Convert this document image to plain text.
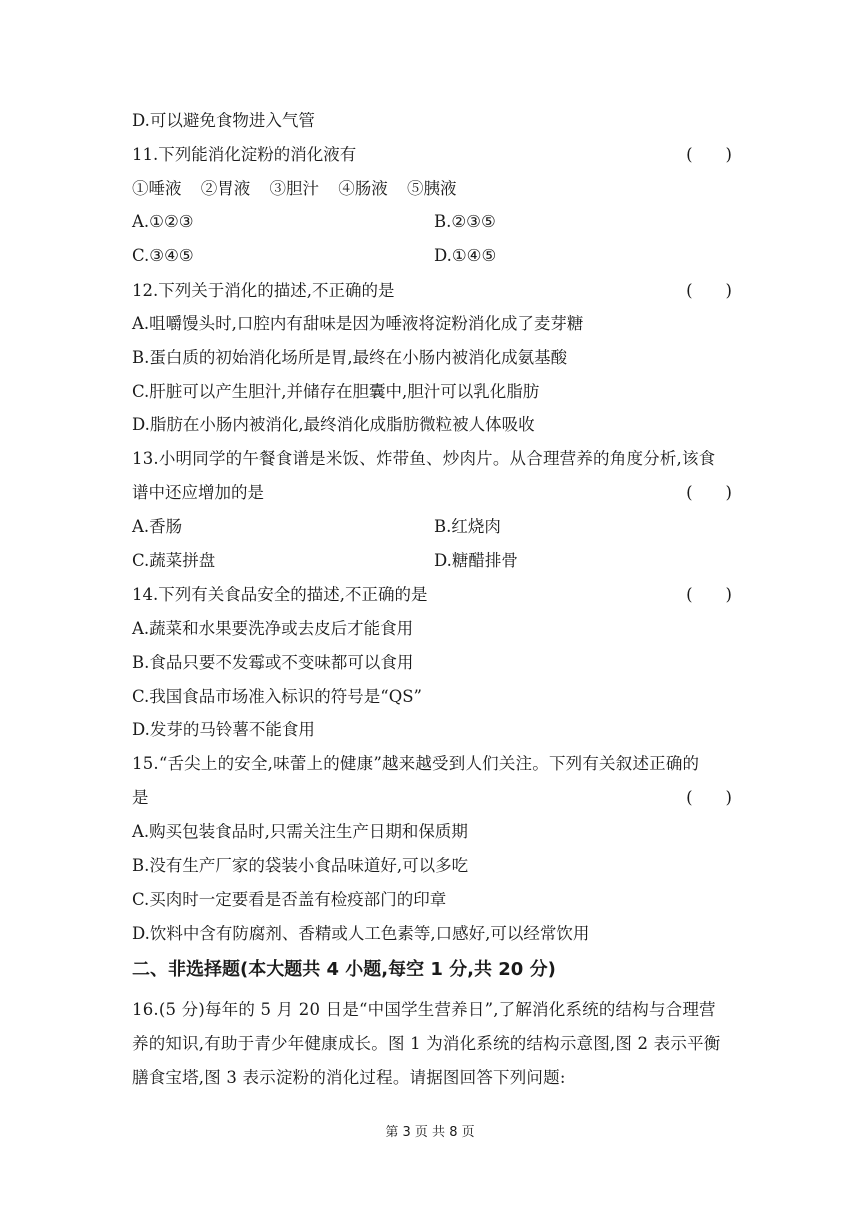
D.可以避免食物进入气管
11.下列能消化淀粉的消化液有	(　　)
①唾液 ②胃液 ③胆汁 ④肠液 ⑤胰液
A.①②③	B.②③⑤
C.③④⑤	D.①④⑤
12.下列关于消化的描述,不正确的是	(　　)
A.咀嚼馒头时,口腔内有甜味是因为唾液将淀粉消化成了麦芽糖
B.蛋白质的初始消化场所是胃,最终在小肠内被消化成氨基酸
C.肝脏可以产生胆汁,并储存在胆囊中,胆汁可以乳化脂肪
D.脂肪在小肠内被消化,最终消化成脂肪微粒被人体吸收
13.小明同学的午餐食谱是米饭、炸带鱼、炒肉片。从合理营养的角度分析,该食
谱中还应增加的是	(　　)
A.香肠	B.红烧肉
C.蔬菜拼盘	D.糖醋排骨
14.下列有关食品安全的描述,不正确的是	(　　)
A.蔬菜和水果要洗净或去皮后才能食用
B.食品只要不发霉或不变味都可以食用
C.我国食品市场准入标识的符号是“QS”
D.发芽的马铃薯不能食用
15.“舌尖上的安全,味蕾上的健康”越来越受到人们关注。下列有关叙述正确的
是	(　　)
A.购买包装食品时,只需关注生产日期和保质期
B.没有生产厂家的袋装小食品味道好,可以多吃
C.买肉时一定要看是否盖有检疫部门的印章
D.饮料中含有防腐剂、香精或人工色素等,口感好,可以经常饮用
二、非选择题(本大题共 4 小题,每空 1 分,共 20 分)
16.(5 分)每年的 5 月 20 日是“中国学生营养日”,了解消化系统的结构与合理营
养的知识,有助于青少年健康成长。图 1 为消化系统的结构示意图,图 2 表示平衡
膳食宝塔,图 3 表示淀粉的消化过程。请据图回答下列问题:
第 3 页 共 8 页
